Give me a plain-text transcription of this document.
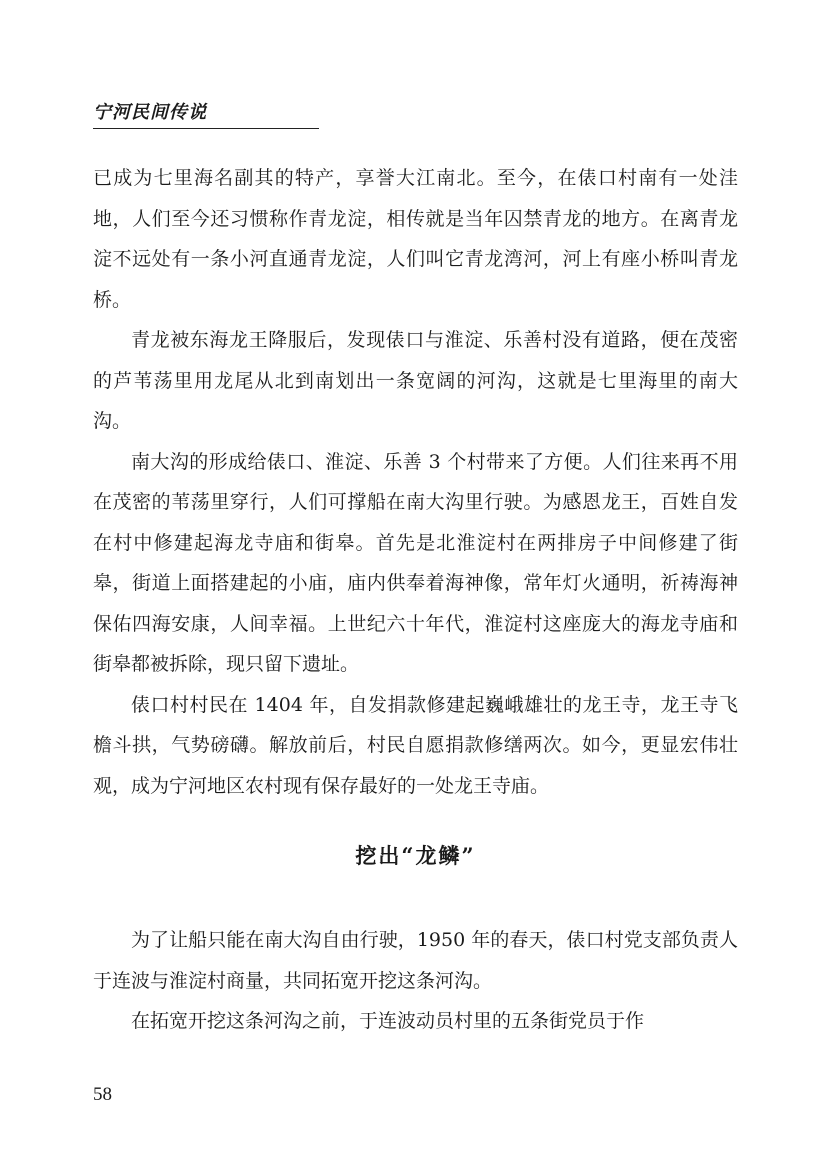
宁河民间传说

已成为七里海名副其的特产，享誉大江南北。至今，在俵口村南有一处洼地，人们至今还习惯称作青龙淀，相传就是当年囚禁青龙的地方。在离青龙淀不远处有一条小河直通青龙淀，人们叫它青龙湾河，河上有座小桥叫青龙桥。

青龙被东海龙王降服后，发现俵口与淮淀、乐善村没有道路，便在茂密的芦苇荡里用龙尾从北到南划出一条宽阔的河沟，这就是七里海里的南大沟。

南大沟的形成给俵口、淮淀、乐善 3 个村带来了方便。人们往来再不用在茂密的苇荡里穿行，人们可撑船在南大沟里行驶。为感恩龙王，百姓自发在村中修建起海龙寺庙和街皋。首先是北淮淀村在两排房子中间修建了街皋，街道上面搭建起的小庙，庙内供奉着海神像，常年灯火通明，祈祷海神保佑四海安康，人间幸福。上世纪六十年代，淮淀村这座庞大的海龙寺庙和街皋都被拆除，现只留下遗址。

俵口村村民在 1404 年，自发捐款修建起巍峨雄壮的龙王寺，龙王寺飞檐斗拱，气势磅礴。解放前后，村民自愿捐款修缮两次。如今，更显宏伟壮观，成为宁河地区农村现有保存最好的一处龙王寺庙。

挖出“龙鳞”

为了让船只能在南大沟自由行驶，1950 年的春天，俵口村党支部负责人于连波与淮淀村商量，共同拓宽开挖这条河沟。

在拓宽开挖这条河沟之前，于连波动员村里的五条街党员于作

58
